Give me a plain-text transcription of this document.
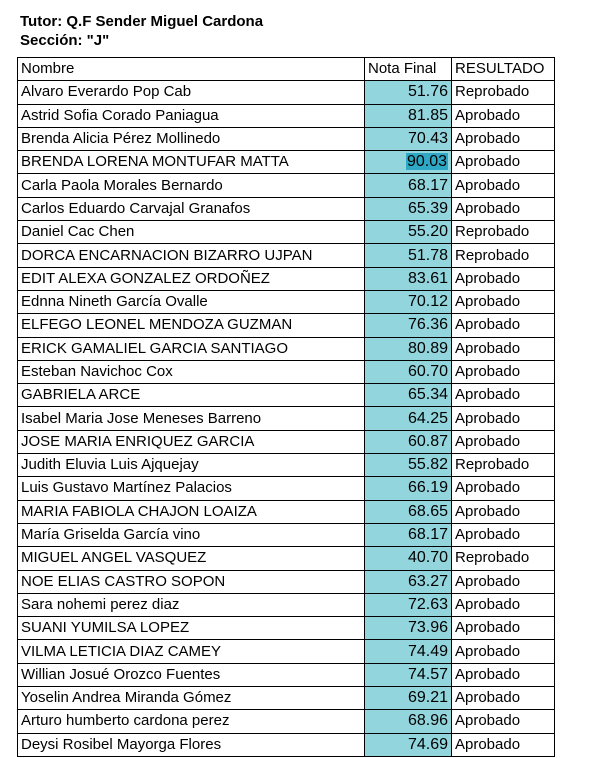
Tutor: Q.F Sender Miguel Cardona
Sección: "J"
Nombre	Nota Final	RESULTADO
Alvaro Everardo Pop Cab	51.76	Reprobado
Astrid Sofia Corado Paniagua	81.85	Aprobado
Brenda Alicia Pérez Mollinedo	70.43	Aprobado
BRENDA LORENA MONTUFAR MATTA	90.03	Aprobado
Carla Paola Morales Bernardo	68.17	Aprobado
Carlos Eduardo Carvajal Granafos	65.39	Aprobado
Daniel Cac Chen	55.20	Reprobado
DORCA ENCARNACION BIZARRO UJPAN	51.78	Reprobado
EDIT ALEXA GONZALEZ ORDOÑEZ	83.61	Aprobado
Ednna Nineth García Ovalle	70.12	Aprobado
ELFEGO LEONEL MENDOZA GUZMAN	76.36	Aprobado
ERICK GAMALIEL GARCIA SANTIAGO	80.89	Aprobado
Esteban Navichoc Cox	60.70	Aprobado
GABRIELA ARCE	65.34	Aprobado
Isabel Maria Jose Meneses Barreno	64.25	Aprobado
JOSE MARIA ENRIQUEZ GARCIA	60.87	Aprobado
Judith Eluvia Luis Ajquejay	55.82	Reprobado
Luis Gustavo Martínez Palacios	66.19	Aprobado
MARIA FABIOLA CHAJON LOAIZA	68.65	Aprobado
María Griselda García vino	68.17	Aprobado
MIGUEL ANGEL VASQUEZ	40.70	Reprobado
NOE ELIAS CASTRO SOPON	63.27	Aprobado
Sara nohemi perez diaz	72.63	Aprobado
SUANI YUMILSA LOPEZ	73.96	Aprobado
VILMA LETICIA DIAZ CAMEY	74.49	Aprobado
Willian Josué Orozco Fuentes	74.57	Aprobado
Yoselin Andrea Miranda Gómez	69.21	Aprobado
Arturo humberto cardona perez	68.96	Aprobado
Deysi Rosibel Mayorga Flores	74.69	Aprobado
